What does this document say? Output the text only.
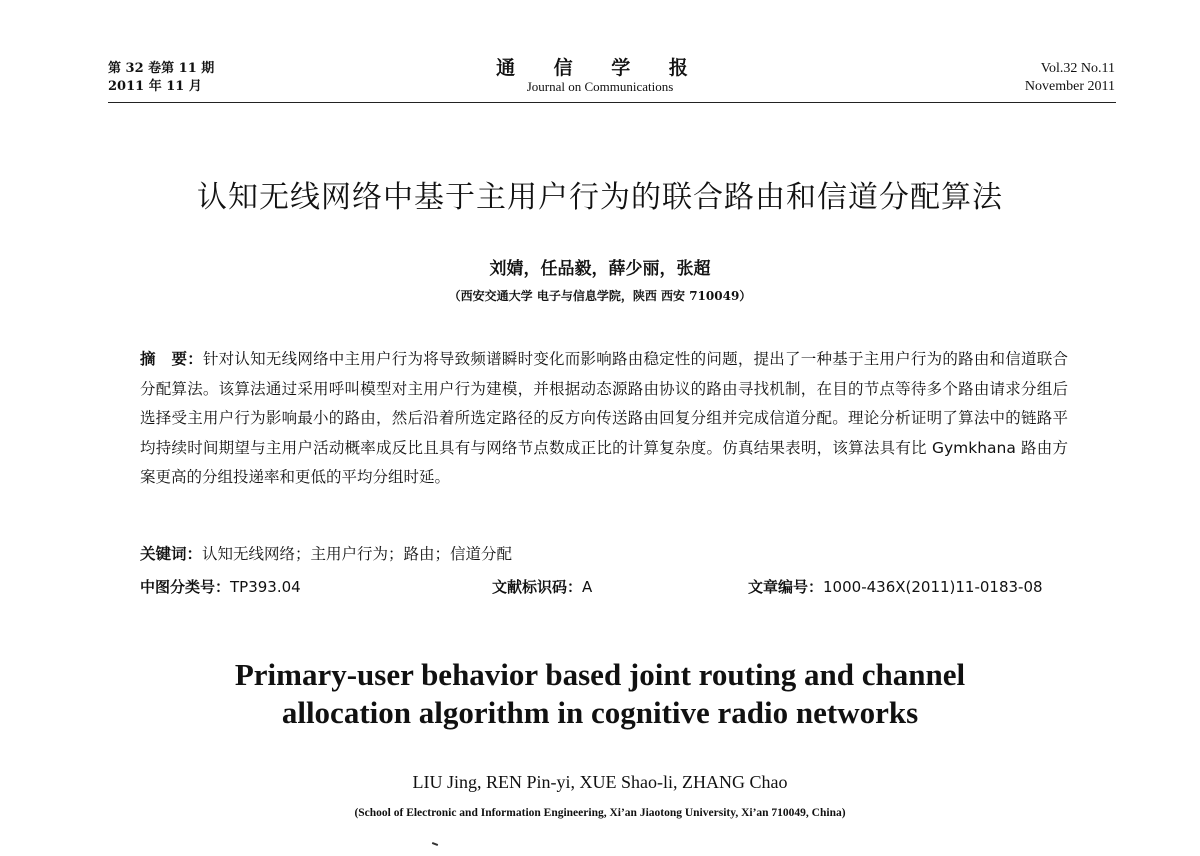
第 32 卷第 11 期
2011 年 11 月
通 信 学 报
Journal on Communications
Vol.32 No.11
November 2011
认知无线网络中基于主用户行为的联合路由和信道分配算法
刘婧，任品毅，薛少丽，张超
（西安交通大学 电子与信息学院，陕西 西安 710049）
摘　要：针对认知无线网络中主用户行为将导致频谱瞬时变化而影响路由稳定性的问题，提出了一种基于主用户行为的路由和信道联合分配算法。该算法通过采用呼叫模型对主用户行为建模，并根据动态源路由协议的路由寻找机制，在目的节点等待多个路由请求分组后选择受主用户行为影响最小的路由，然后沿着所选定路径的反方向传送路由回复分组并完成信道分配。理论分析证明了算法中的链路平均持续时间期望与主用户活动概率成反比且具有与网络节点数成正比的计算复杂度。仿真结果表明，该算法具有比 Gymkhana 路由方案更高的分组投递率和更低的平均分组时延。
关键词：认知无线网络；主用户行为；路由；信道分配
中图分类号：TP393.04	文献标识码：A	文章编号：1000-436X(2011)11-0183-08
Primary-user behavior based joint routing and channel
allocation algorithm in cognitive radio networks
LIU Jing, REN Pin-yi, XUE Shao-li, ZHANG Chao
(School of Electronic and Information Engineering, Xi’an Jiaotong University, Xi’an 710049, China)
